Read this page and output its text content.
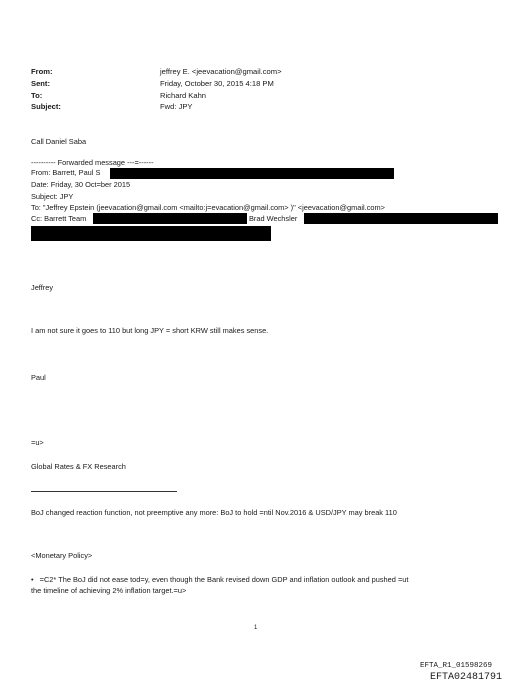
From:	jeffrey E. <jeevacation@gmail.com>
Sent:	Friday, October 30, 2015 4:18 PM
To:	Richard Kahn
Subject:	Fwd: JPY
Call Daniel Saba
---------- Forwarded message ---=------
From: Barrett, Paul S
Date: Friday, 30 Oct=ber 2015
Subject: JPY
To: "Jeffrey Epstein (jeevacation@gmail.com <mailto:j=evacation@gmail.com> )" <jeevacation@gmail.com>
Cc: Barrett Team	Brad Wechsler
Jeffrey
I am not sure it goes to 110 but long JPY = short KRW still makes sense.
Paul
=u>
Global Rates & FX Research
BoJ changed reaction function, not preemptive any more: BoJ to hold =ntil Nov.2016 & USD/JPY may break 110
<Monetary Policy>
• =C2* The BoJ did not ease tod=y, even though the Bank revised down GDP and inflation outlook and pushed =ut
the timeline of achieving 2% inflation target.=u>
1
EFTA_R1_01598269
EFTA02481791
